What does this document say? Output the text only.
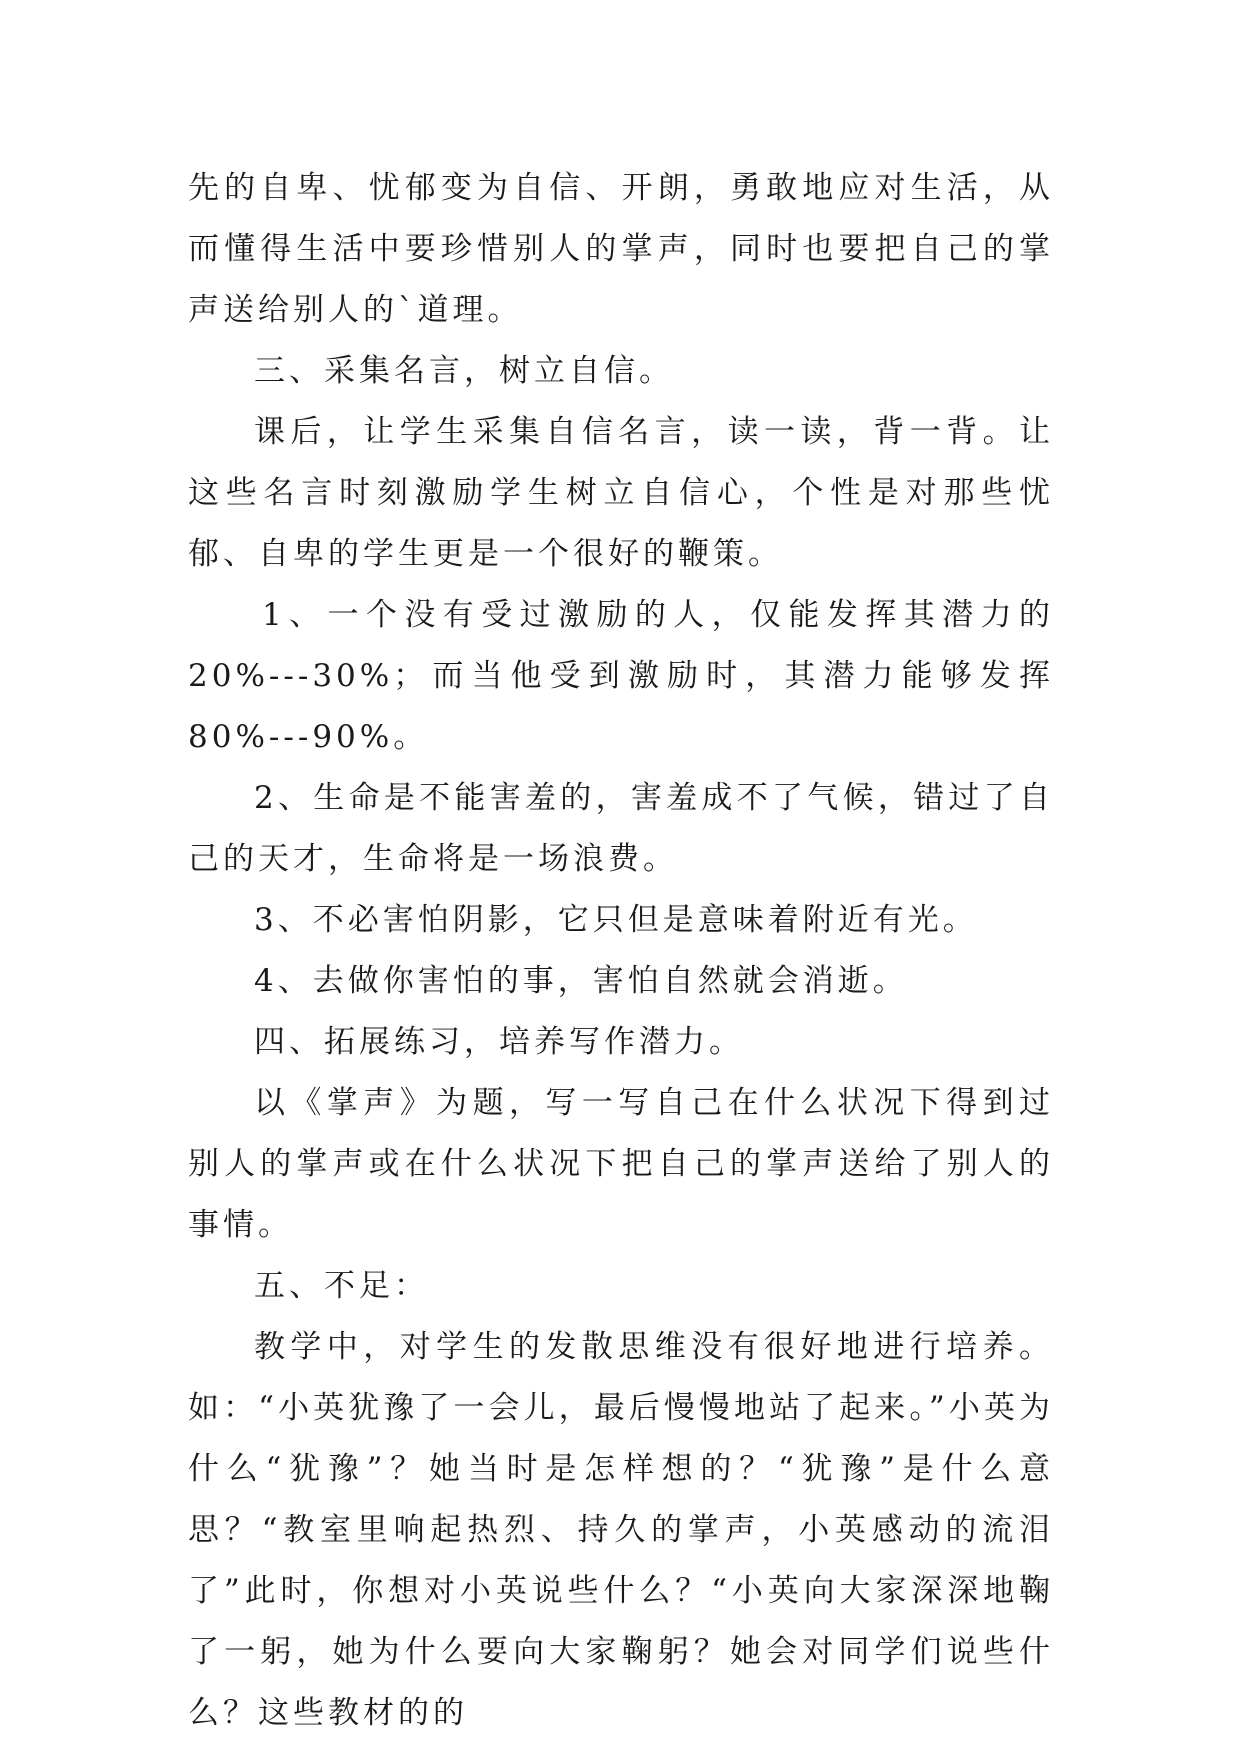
先的自卑、忧郁变为自信、开朗，勇敢地应对生活，从而懂得生活中要珍惜别人的掌声，同时也要把自己的掌声送给别人的`道理。

三、采集名言，树立自信。

课后，让学生采集自信名言，读一读，背一背。让这些名言时刻激励学生树立自信心，个性是对那些忧郁、自卑的学生更是一个很好的鞭策。

1、一个没有受过激励的人，仅能发挥其潜力的20%---30%；而当他受到激励时，其潜力能够发挥

80%---90%。

2、生命是不能害羞的，害羞成不了气候，错过了自己的天才，生命将是一场浪费。

3、不必害怕阴影，它只但是意味着附近有光。

4、去做你害怕的事，害怕自然就会消逝。

四、拓展练习，培养写作潜力。

以《掌声》为题，写一写自己在什么状况下得到过别人的掌声或在什么状况下把自己的掌声送给了别人的事情。

五、不足：

教学中，对学生的发散思维没有很好地进行培养。如：“小英犹豫了一会儿，最后慢慢地站了起来。”小英为什么“犹豫”？她当时是怎样想的？“犹豫”是什么意思？“教室里响起热烈、持久的掌声，小英感动的流泪了”此时，你想对小英说些什么？“小英向大家深深地鞠了一躬，她为什么要向大家鞠躬？她会对同学们说些什么？这些教材的的
